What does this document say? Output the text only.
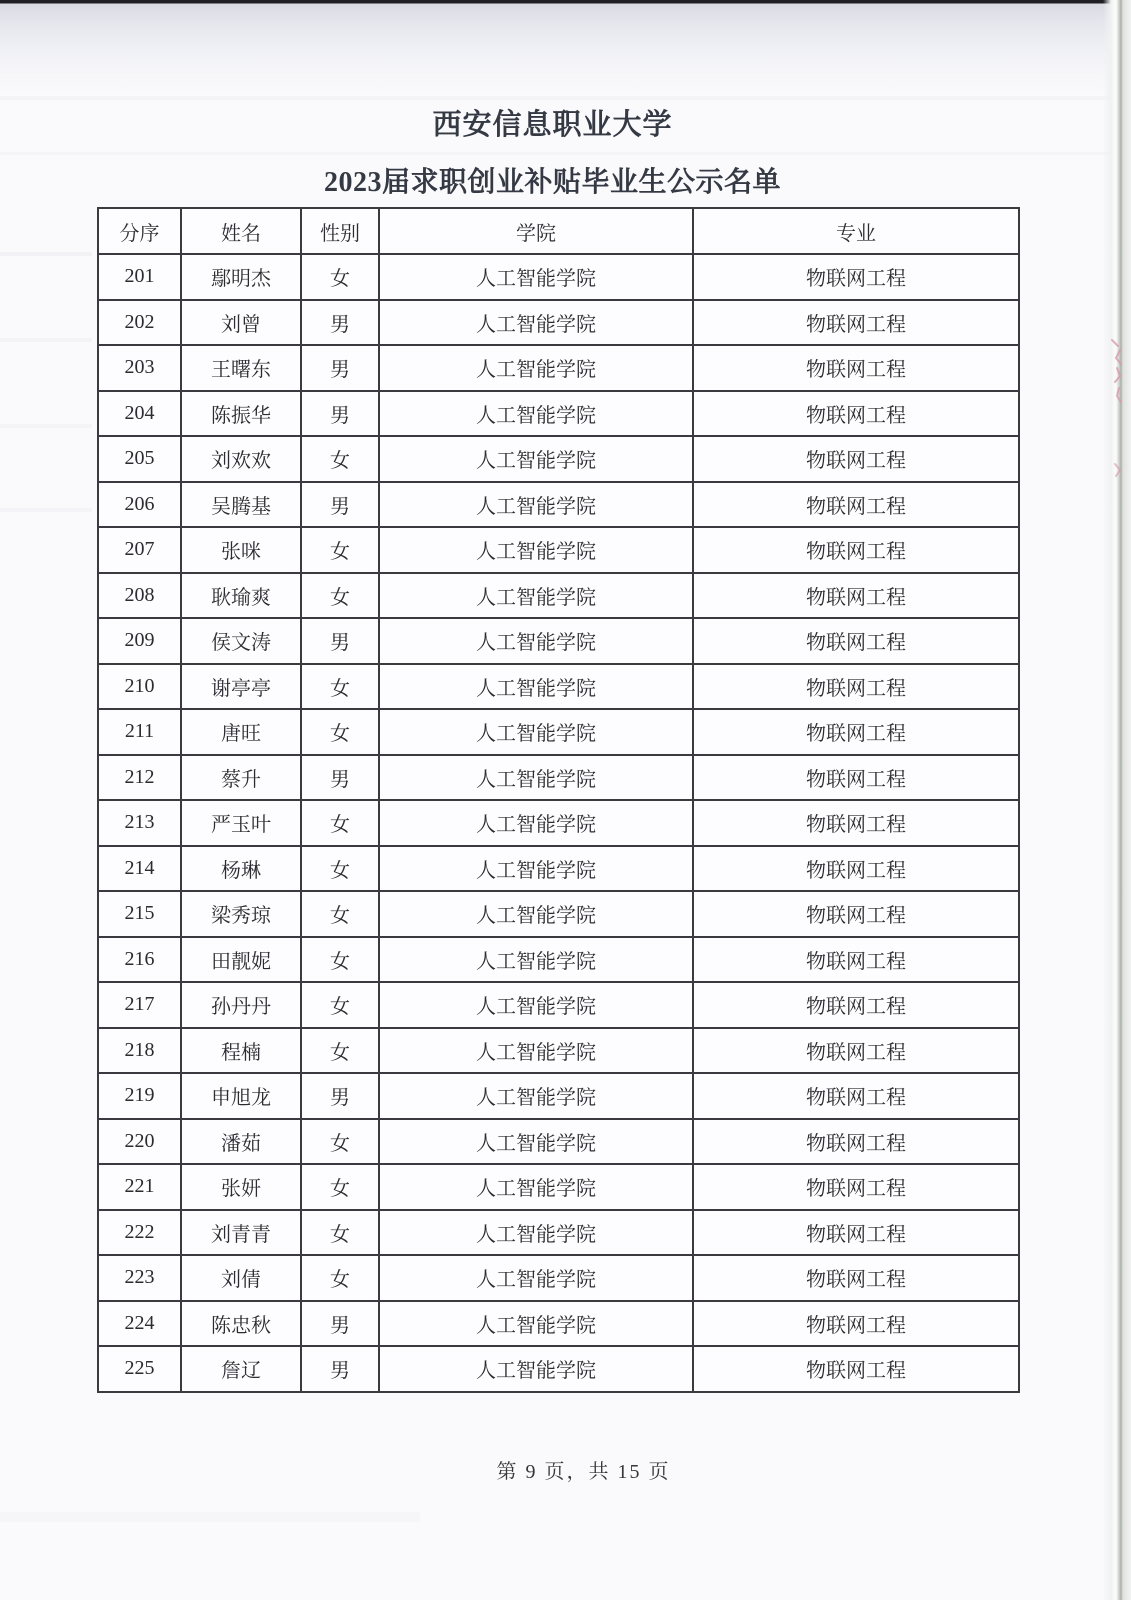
西安信息职业大学
2023届求职创业补贴毕业生公示名单
分序	姓名	性别	学院	专业
201	鄢明杰	女	人工智能学院	物联网工程
202	刘曾	男	人工智能学院	物联网工程
203	王曙东	男	人工智能学院	物联网工程
204	陈振华	男	人工智能学院	物联网工程
205	刘欢欢	女	人工智能学院	物联网工程
206	吴腾基	男	人工智能学院	物联网工程
207	张咪	女	人工智能学院	物联网工程
208	耿瑜爽	女	人工智能学院	物联网工程
209	侯文涛	男	人工智能学院	物联网工程
210	谢亭亭	女	人工智能学院	物联网工程
211	唐旺	女	人工智能学院	物联网工程
212	蔡升	男	人工智能学院	物联网工程
213	严玉叶	女	人工智能学院	物联网工程
214	杨琳	女	人工智能学院	物联网工程
215	梁秀琼	女	人工智能学院	物联网工程
216	田靓妮	女	人工智能学院	物联网工程
217	孙丹丹	女	人工智能学院	物联网工程
218	程楠	女	人工智能学院	物联网工程
219	申旭龙	男	人工智能学院	物联网工程
220	潘茹	女	人工智能学院	物联网工程
221	张妍	女	人工智能学院	物联网工程
222	刘青青	女	人工智能学院	物联网工程
223	刘倩	女	人工智能学院	物联网工程
224	陈忠秋	男	人工智能学院	物联网工程
225	詹辽	男	人工智能学院	物联网工程
第 9 页，共 15 页
